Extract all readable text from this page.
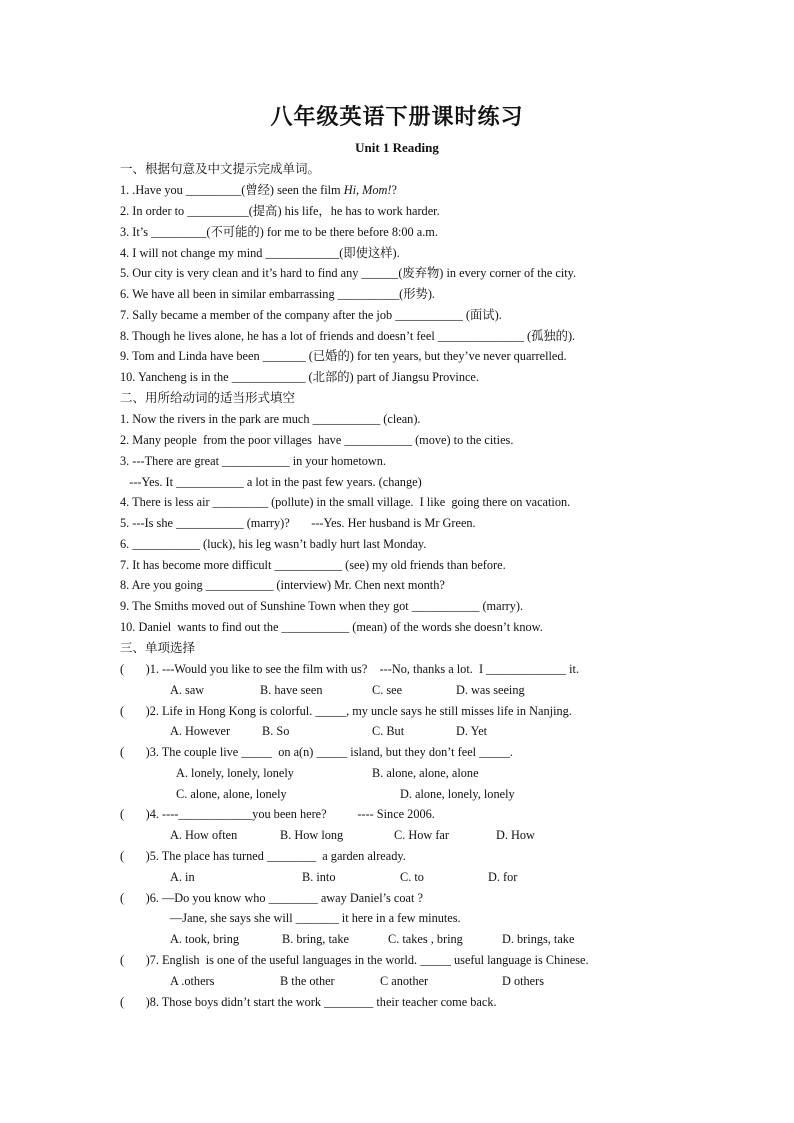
八年级英语下册课时练习
Unit 1 Reading
一、根据句意及中文提示完成单词。
1. .Have you _________(曾经) seen the film Hi, Mom!?
2. In order to __________(提高) his life，he has to work harder.
3. It’s _________(不可能的) for me to be there before 8:00 a.m.
4. I will not change my mind ____________(即使这样).
5. Our city is very clean and it’s hard to find any ______(废弃物) in every corner of the city.
6. We have all been in similar embarrassing __________(形势).
7. Sally became a member of the company after the job ___________ (面试).
8. Though he lives alone, he has a lot of friends and doesn’t feel ______________ (孤独的).
9. Tom and Linda have been _______ (已婚的) for ten years, but they’ve never quarrelled.
10. Yancheng is in the ____________ (北部的) part of Jiangsu Province.
二、用所给动词的适当形式填空
1. Now the rivers in the park are much ___________ (clean).
2. Many people  from the poor villages  have ___________ (move) to the cities.
3. ---There are great ___________ in your hometown.
---Yes. It ___________ a lot in the past few years. (change)
4. There is less air _________ (pollute) in the small village.  I like  going there on vacation.
5. ---Is she ___________ (marry)?       ---Yes. Her husband is Mr Green.
6. ___________ (luck), his leg wasn’t badly hurt last Monday.
7. It has become more difficult ___________ (see) my old friends than before.
8. Are you going ___________ (interview) Mr. Chen next month?
9. The Smiths moved out of Sunshine Town when they got ___________ (marry).
10. Daniel  wants to find out the ___________ (mean) of the words she doesn’t know.
三、单项选择
(       )1. ---Would you like to see the film with us?    ---No, thanks a lot.  I _____________ it.
A. saw	B. have seen	C. see	D. was seeing
(       )2. Life in Hong Kong is colorful. _____, my uncle says he still misses life in Nanjing.
A. However	B. So	C. But	D. Yet
(       )3. The couple live _____  on a(n) _____ island, but they don’t feel _____.
A. lonely, lonely, lonely	B. alone, alone, alone
C. alone, alone, lonely	D. alone, lonely, lonely
(       )4. ----____________you been here?          ---- Since 2006.
A. How often	B. How long	C. How far	D. How
(       )5. The place has turned ________  a garden already.
A. in	B. into	C. to	D. for
(       )6. —Do you know who ________ away Daniel’s coat ?
—Jane, she says she will _______ it here in a few minutes.
A. took, bring	B. bring, take	C. takes , bring	D. brings, take
(       )7. English  is one of the useful languages in the world. _____ useful language is Chinese.
A .others	B the other	C another	D others
(       )8. Those boys didn’t start the work ________ their teacher come back.
